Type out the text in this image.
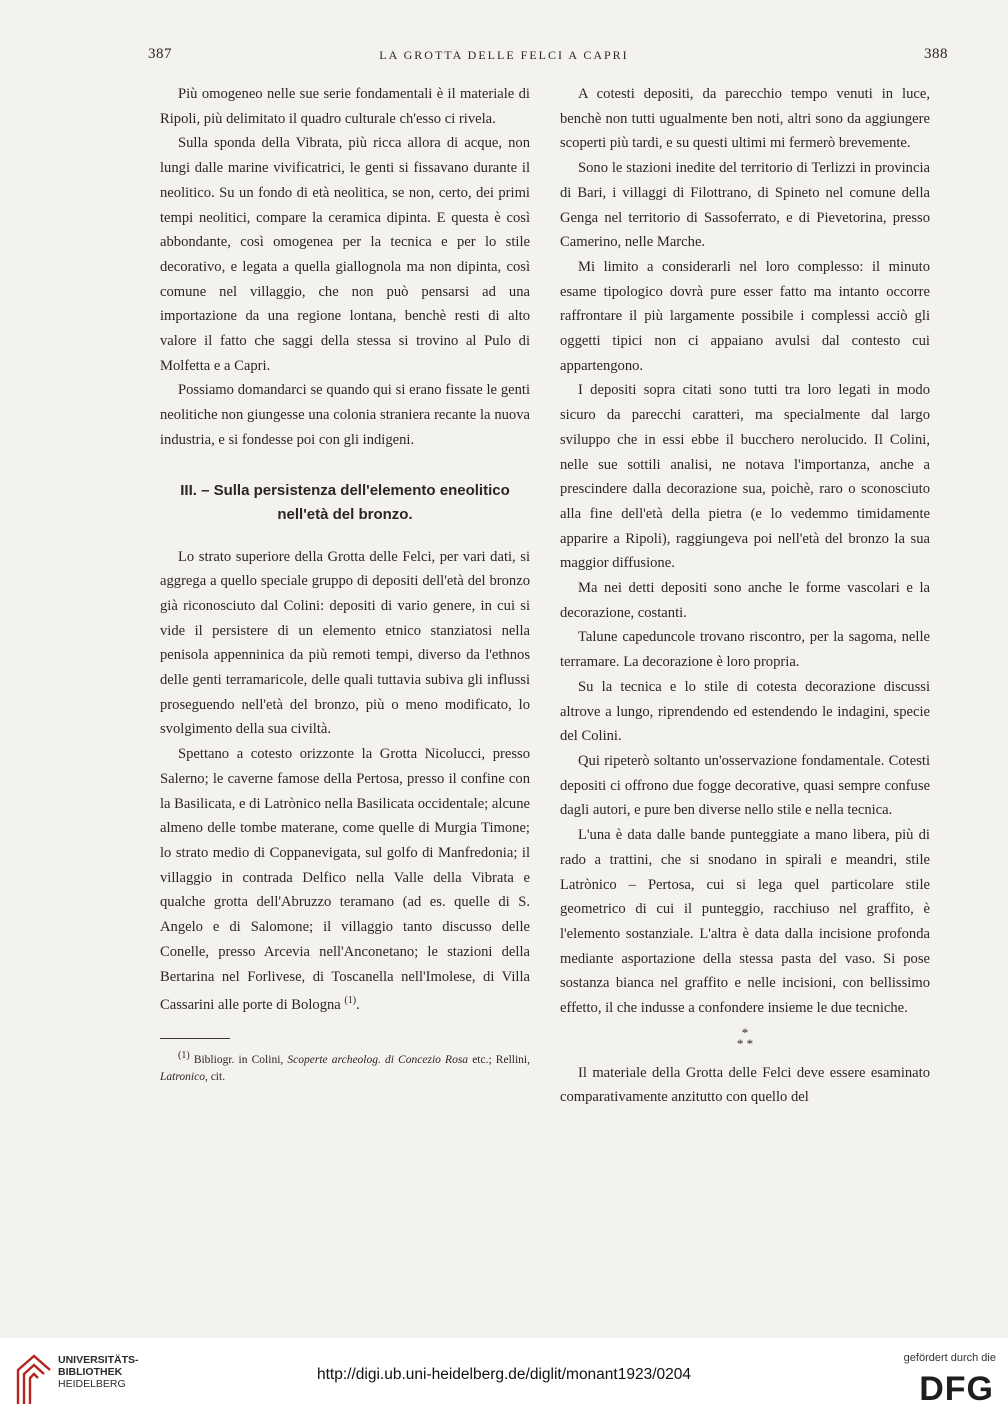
387	LA GROTTA DELLE FELCI A CAPRI	388

Più omogeneo nelle sue serie fondamentali è il materiale di Ripoli, più delimitato il quadro culturale ch'esso ci rivela.

Sulla sponda della Vibrata, più ricca allora di acque, non lungi dalle marine vivificatrici, le genti si fissavano durante il neolitico. Su un fondo di età neolitica, se non, certo, dei primi tempi neolitici, compare la ceramica dipinta. E questa è così abbondante, così omogenea per la tecnica e per lo stile decorativo, e legata a quella giallognola ma non dipinta, così comune nel villaggio, che non può pensarsi ad una importazione da una regione lontana, benchè resti di alto valore il fatto che saggi della stessa si trovino al Pulo di Molfetta e a Capri.

Possiamo domandarci se quando qui si erano fissate le genti neolitiche non giungesse una colonia straniera recante la nuova industria, e si fondesse poi con gli indigeni.

III. – Sulla persistenza dell'elemento eneolitico
nell'età del bronzo.

Lo strato superiore della Grotta delle Felci, per vari dati, si aggrega a quello speciale gruppo di depositi dell'età del bronzo già riconosciuto dal Colini: depositi di vario genere, in cui si vide il persistere di un elemento etnico stanziatosi nella penisola appenninica da più remoti tempi, diverso da l'ethnos delle genti terramaricole, delle quali tuttavia subiva gli influssi proseguendo nell'età del bronzo, più o meno modificato, lo svolgimento della sua civiltà.

Spettano a cotesto orizzonte la Grotta Nicolucci, presso Salerno; le caverne famose della Pertosa, presso il confine con la Basilicata, e di Latrònico nella Basilicata occidentale; alcune almeno delle tombe materane, come quelle di Murgia Timone; lo strato medio di Coppanevigata, sul golfo di Manfredonia; il villaggio in contrada Delfico nella Valle della Vibrata e qualche grotta dell'Abruzzo teramano (ad es. quelle di S. Angelo e di Salomone; il villaggio tanto discusso delle Conelle, presso Arcevia nell'Anconetano; le stazioni della Bertarina nel Forlivese, di Toscanella nell'Imolese, di Villa Cassarini alle porte di Bologna $^{(1)}$.

(1) Bibliogr. in Colini, Scoperte archeolog. di Concezio Rosa etc.; Rellini, Latronico, cit.

A cotesti depositi, da parecchio tempo venuti in luce, benchè non tutti ugualmente ben noti, altri sono da aggiungere scoperti più tardi, e su questi ultimi mi fermerò brevemente.

Sono le stazioni inedite del territorio di Terlizzi in provincia di Bari, i villaggi di Filottrano, di Spineto nel comune della Genga nel territorio di Sassoferrato, e di Pievetorina, presso Camerino, nelle Marche.

Mi limito a considerarli nel loro complesso: il minuto esame tipologico dovrà pure esser fatto ma intanto occorre raffrontare il più largamente possibile i complessi acciò gli oggetti tipici non ci appaiano avulsi dal contesto cui appartengono.

I depositi sopra citati sono tutti tra loro legati in modo sicuro da parecchi caratteri, ma specialmente dal largo sviluppo che in essi ebbe il bucchero nerolucido. Il Colini, nelle sue sottili analisi, ne notava l'importanza, anche a prescindere dalla decorazione sua, poichè, raro o sconosciuto alla fine dell'età della pietra (e lo vedemmo timidamente apparire a Ripoli), raggiungeva poi nell'età del bronzo la sua maggior diffusione.

Ma nei detti depositi sono anche le forme vascolari e la decorazione, costanti.

Talune capeduncole trovano riscontro, per la sagoma, nelle terramare. La decorazione è loro propria.

Su la tecnica e lo stile di cotesta decorazione discussi altrove a lungo, riprendendo ed estendendo le indagini, specie del Colini.

Qui ripeterò soltanto un'osservazione fondamentale. Cotesti depositi ci offrono due fogge decorative, quasi sempre confuse dagli autori, e pure ben diverse nello stile e nella tecnica.

L'una è data dalle bande punteggiate a mano libera, più di rado a trattini, che si snodano in spirali e meandri, stile Latrònico – Pertosa, cui si lega quel particolare stile geometrico di cui il punteggio, racchiuso nel graffito, è l'elemento sostanziale. L'altra è data dalla incisione profonda mediante asportazione della stessa pasta del vaso. Si pose sostanza bianca nel graffito e nelle incisioni, con bellissimo effetto, il che indusse a confondere insieme le due tecniche.

*
* *

Il materiale della Grotta delle Felci deve essere esaminato comparativamente anzitutto con quello del

UNIVERSITÄTS-
BIBLIOTHEK
HEIDELBERG
http://digi.ub.uni-heidelberg.de/diglit/monant1923/0204
gefördert durch die
DFG
